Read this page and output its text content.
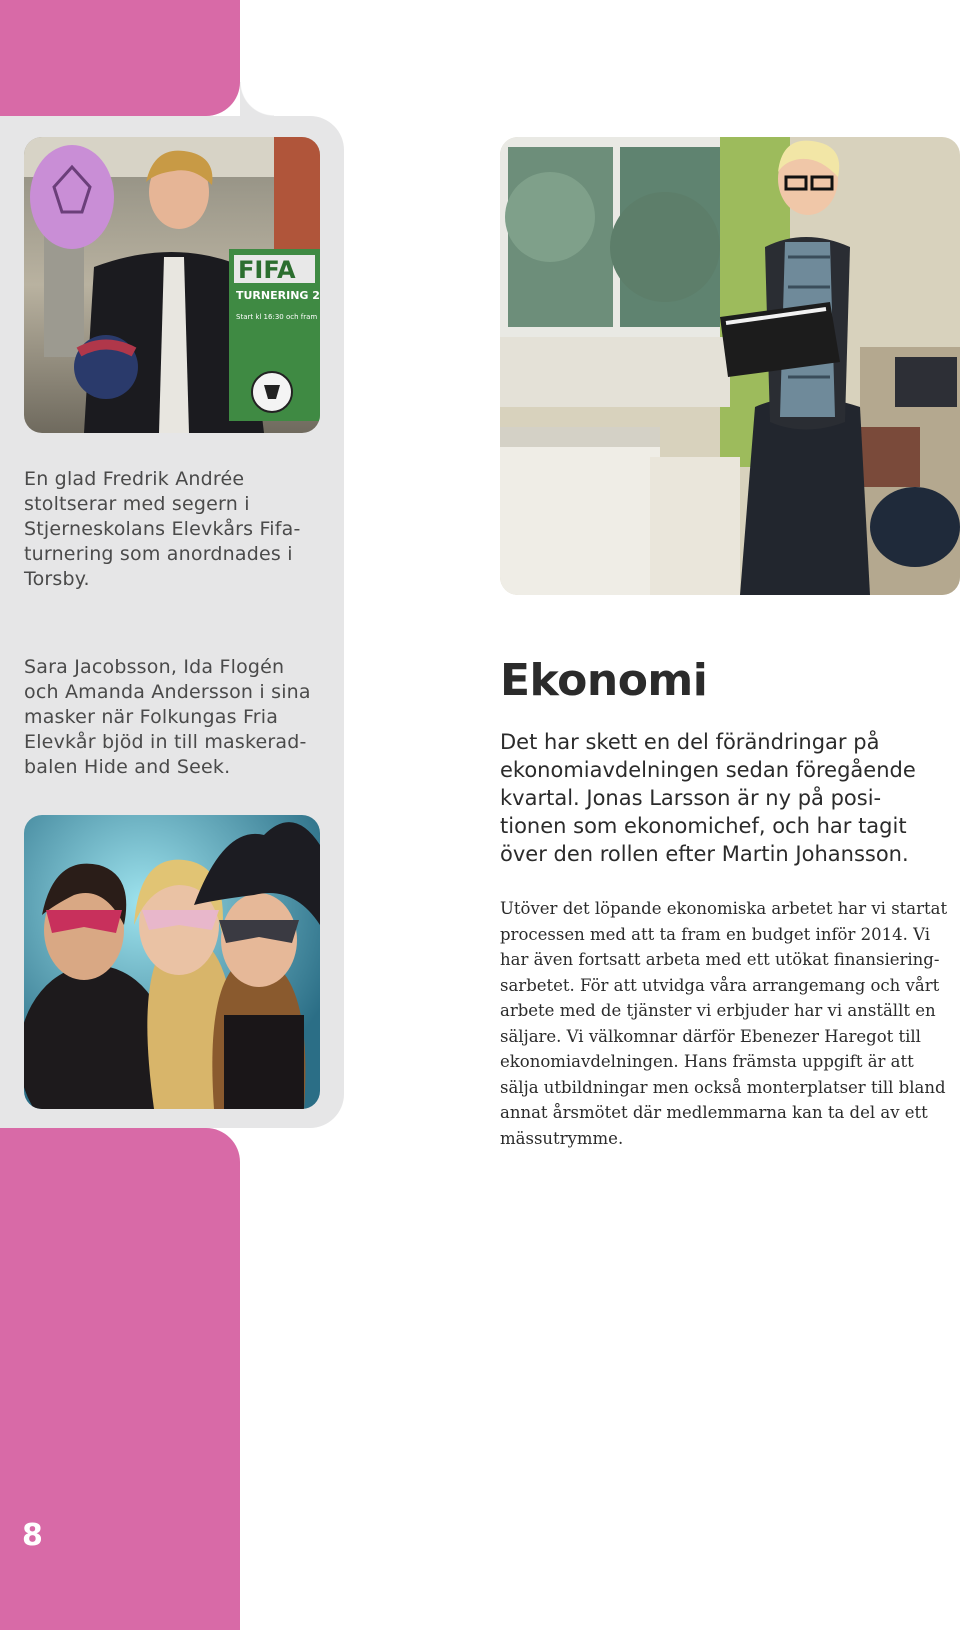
FIFA
TURNERING 2
Start kl 16:30 och fram
En glad Fredrik Andrée
stoltserar med segern i
Stjerneskolans Elevkårs Fifa-
turnering som anordnades i
Torsby.
Sara Jacobsson, Ida Flogén
och Amanda Andersson i sina
masker när Folkungas Fria
Elevkår bjöd in till maskerad-
balen Hide and Seek.
Ekonomi
Det har skett en del förändringar på
ekonomiavdelningen sedan föregående
kvartal. Jonas Larsson är ny på posi-
tionen som ekonomichef, och har tagit
över den rollen efter Martin Johansson.
Utöver det löpande ekonomiska arbetet har vi startat
processen med att ta fram en budget inför 2014. Vi
har även fortsatt arbeta med ett utökat finansiering-
sarbetet. För att utvidga våra arrangemang och vårt
arbete med de tjänster vi erbjuder har vi anställt en
säljare. Vi välkomnar därför Ebenezer Haregot till
ekonomiavdelningen. Hans främsta uppgift är att
sälja utbildningar men också monterplatser till bland
annat årsmötet där medlemmarna kan ta del av ett
mässutrymme.
8
